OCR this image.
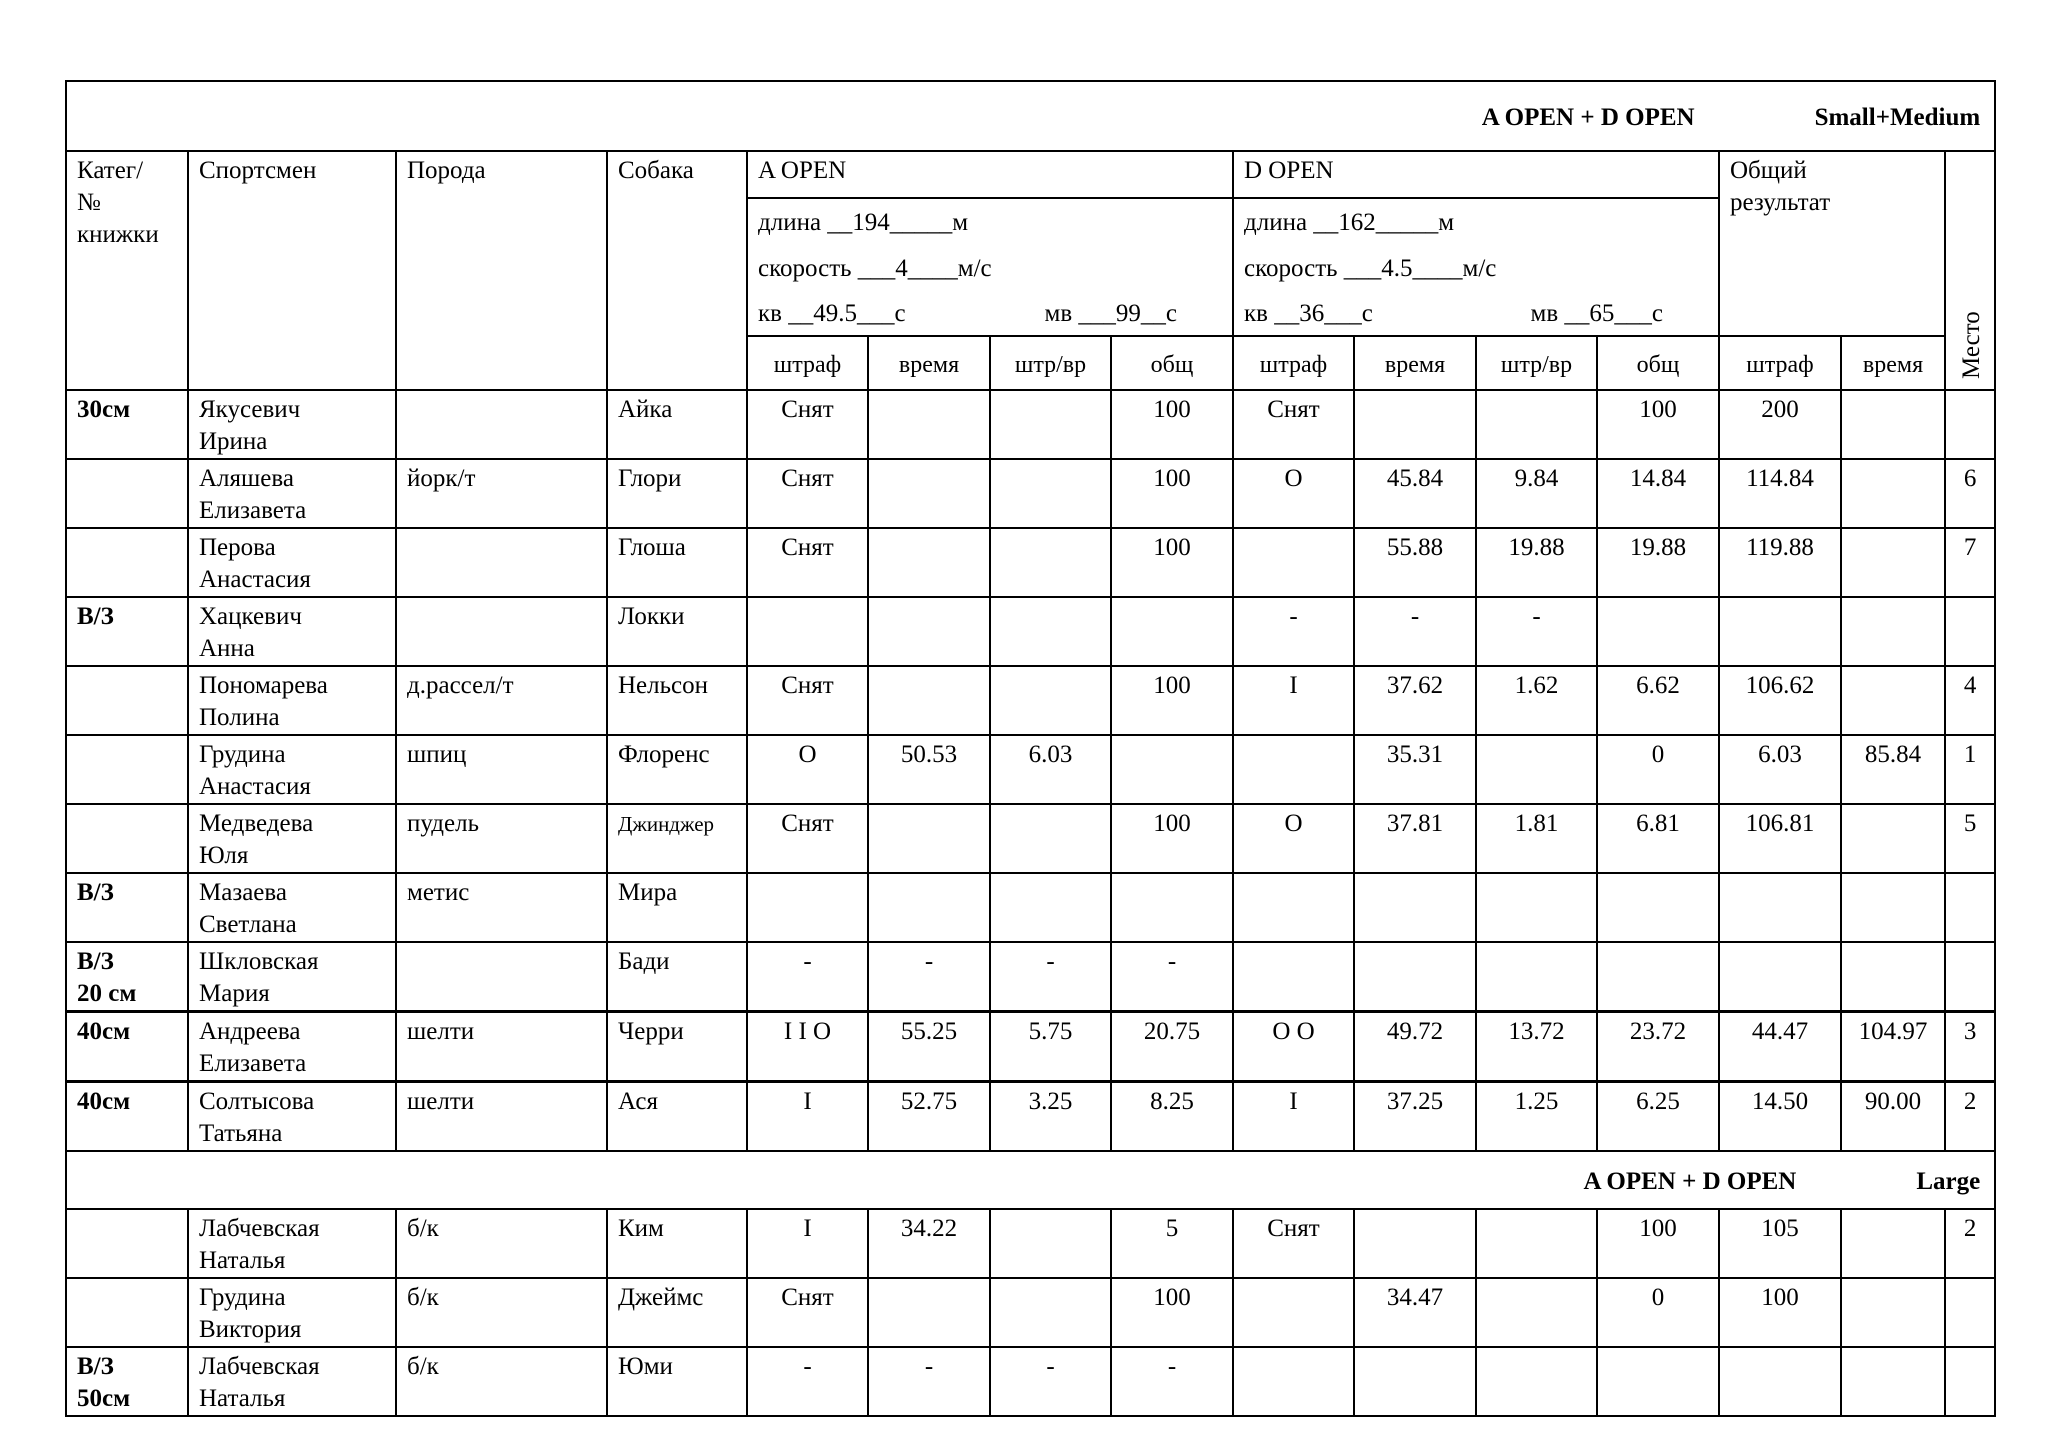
A OPEN + D OPEN Small+Medium														
Катег/
№
книжки	Спортсмен	Порода	Собака	A OPEN				D OPEN				Общий
результат		Место
				длина __194_____м				длина __162_____м						
				скорость ___4____м/с				скорость ___4.5____м/с						
				кв __49.5___с		мв ___99__с		кв __36___с		мв __65___с				
				штраф	время	штр/вр	общ	штраф	время	штр/вр	общ	штраф	время	
30см	Якусевич
Ирина		Айка	Снят			100	Снят			100	200		
	Аляшева
Елизавета	йорк/т	Глори	Снят			100	О	45.84	9.84	14.84	114.84		6
	Перова
Анастасия		Глоша	Снят			100		55.88	19.88	19.88	119.88		7
В/З	Хацкевич
Анна		Локки					-	-	-				
	Пономарева
Полина	д.рассел/т	Нельсон	Снят			100	I	37.62	1.62	6.62	106.62		4
	Грудина
Анастасия	шпиц	Флоренс	О	50.53	6.03			35.31		0	6.03	85.84	1
	Медведева
Юля	пудель	Джинджер	Снят			100	О	37.81	1.81	6.81	106.81		5
В/З	Мазаева
Светлана	метис	Мира											
В/З
20 см	Шкловская
Мария		Бади	-	-	-	-							
40см	Андреева
Елизавета	шелти	Черри	I I О	55.25	5.75	20.75	О О	49.72	13.72	23.72	44.47	104.97	3
40см	Солтысова
Татьяна	шелти	Ася	I	52.75	3.25	8.25	I	37.25	1.25	6.25	14.50	90.00	2
A OPEN + D OPEN Large														
	Лабчевская
Наталья	б/к	Ким	I	34.22		5	Снят			100	105		2
	Грудина
Виктория	б/к	Джеймс	Снят			100		34.47		0	100		
В/З
50см	Лабчевская
Наталья	б/к	Юми	-	-	-	-							
